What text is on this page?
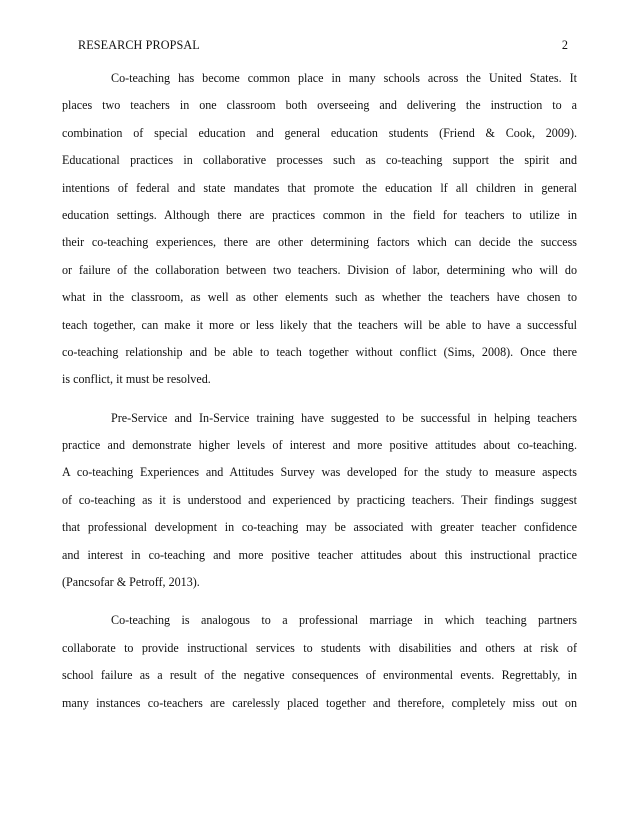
RESEARCH PROPSAL	2
Co-teaching has become common place in many schools across the United States. It
places two teachers in one classroom both overseeing and delivering the instruction to a
combination of special education and general education students (Friend & Cook, 2009).
Educational practices in collaborative processes such as co-teaching support the spirit and
intentions of federal and state mandates that promote the education lf all children in general
education settings. Although there are practices common in the field for teachers to utilize in
their co-teaching experiences, there are other determining factors which can decide the success
or failure of the collaboration between two teachers. Division of labor, determining who will do
what in the classroom, as well as other elements such as whether the teachers have chosen to
teach together, can make it more or less likely that the teachers will be able to have a successful
co-teaching relationship and be able to teach together without conflict (Sims, 2008). Once there
is conflict, it must be resolved.
Pre-Service and In-Service training have suggested to be successful in helping teachers
practice and demonstrate higher levels of interest and more positive attitudes about co-teaching.
A co-teaching Experiences and Attitudes Survey was developed for the study to measure aspects
of co-teaching as it is understood and experienced by practicing teachers. Their findings suggest
that professional development in co-teaching may be associated with greater teacher confidence
and interest in co-teaching and more positive teacher attitudes about this instructional practice
(Pancsofar & Petroff, 2013).
Co-teaching is analogous to a professional marriage in which teaching partners
collaborate to provide instructional services to students with disabilities and others at risk of
school failure as a result of the negative consequences of environmental events. Regrettably, in
many instances co-teachers are carelessly placed together and therefore, completely miss out on
